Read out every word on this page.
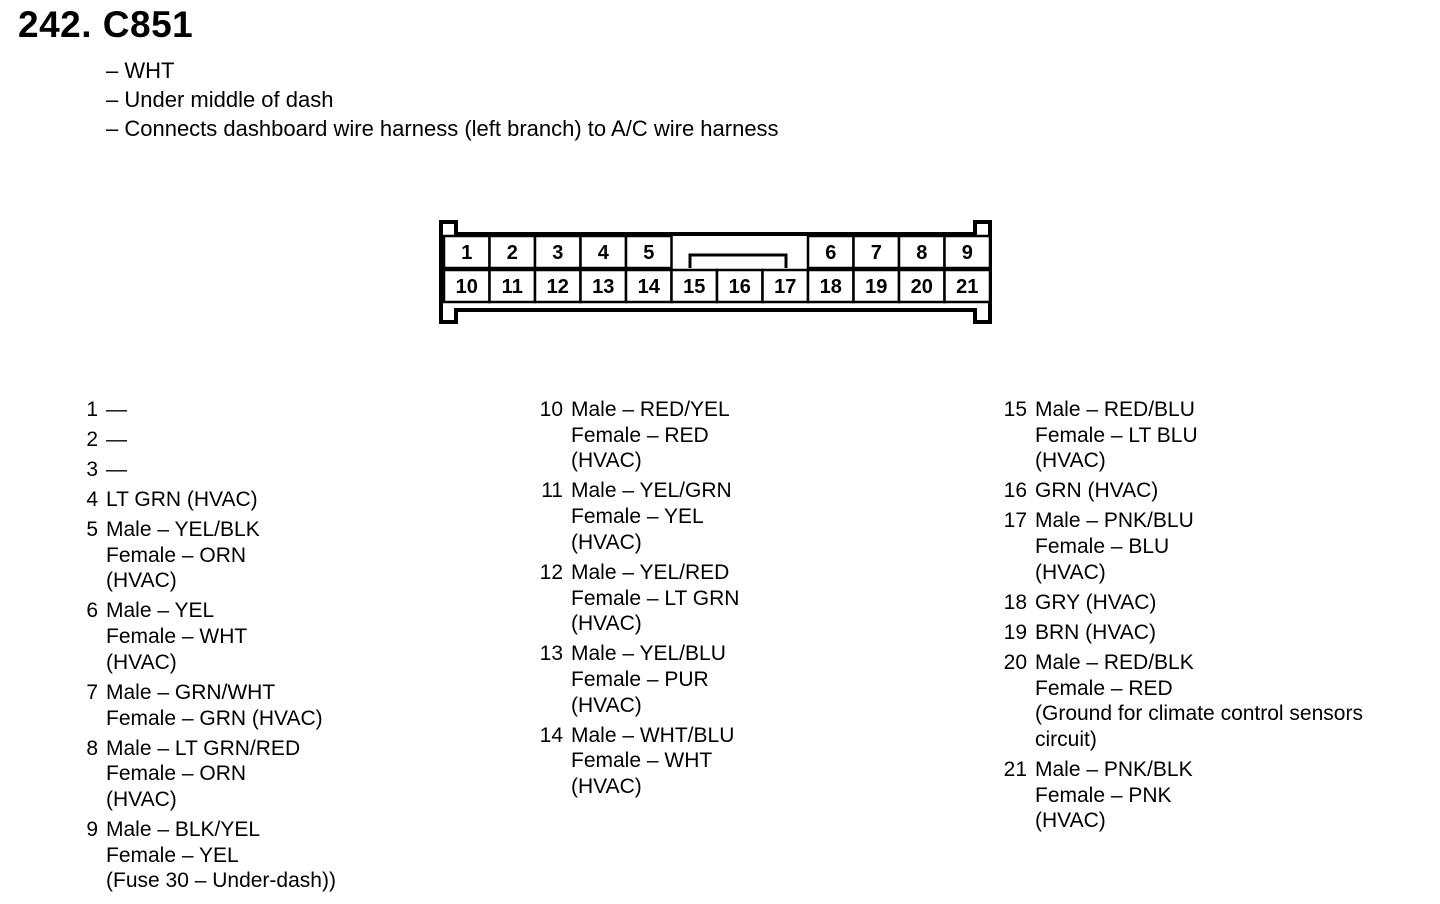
242. C851
– WHT
– Under middle of dash
– Connects dashboard wire harness (left branch) to A/C wire harness
1 2 3 4 5	6 7 8 9
10 11 12 13 14 15 16 17 18 19 20 21
1 —
2 —
3 —
4 LT GRN (HVAC)
5 Male – YEL/BLK
Female – ORN
(HVAC)
6 Male – YEL
Female – WHT
(HVAC)
7 Male – GRN/WHT
Female – GRN (HVAC)
8 Male – LT GRN/RED
Female – ORN
(HVAC)
9 Male – BLK/YEL
Female – YEL
(Fuse 30 – Under-dash))
10 Male – RED/YEL
Female – RED
(HVAC)
11 Male – YEL/GRN
Female – YEL
(HVAC)
12 Male – YEL/RED
Female – LT GRN
(HVAC)
13 Male – YEL/BLU
Female – PUR
(HVAC)
14 Male – WHT/BLU
Female – WHT
(HVAC)
15 Male – RED/BLU
Female – LT BLU
(HVAC)
16 GRN (HVAC)
17 Male – PNK/BLU
Female – BLU
(HVAC)
18 GRY (HVAC)
19 BRN (HVAC)
20 Male – RED/BLK
Female – RED
(Ground for climate control sensors
circuit)
21 Male – PNK/BLK
Female – PNK
(HVAC)
